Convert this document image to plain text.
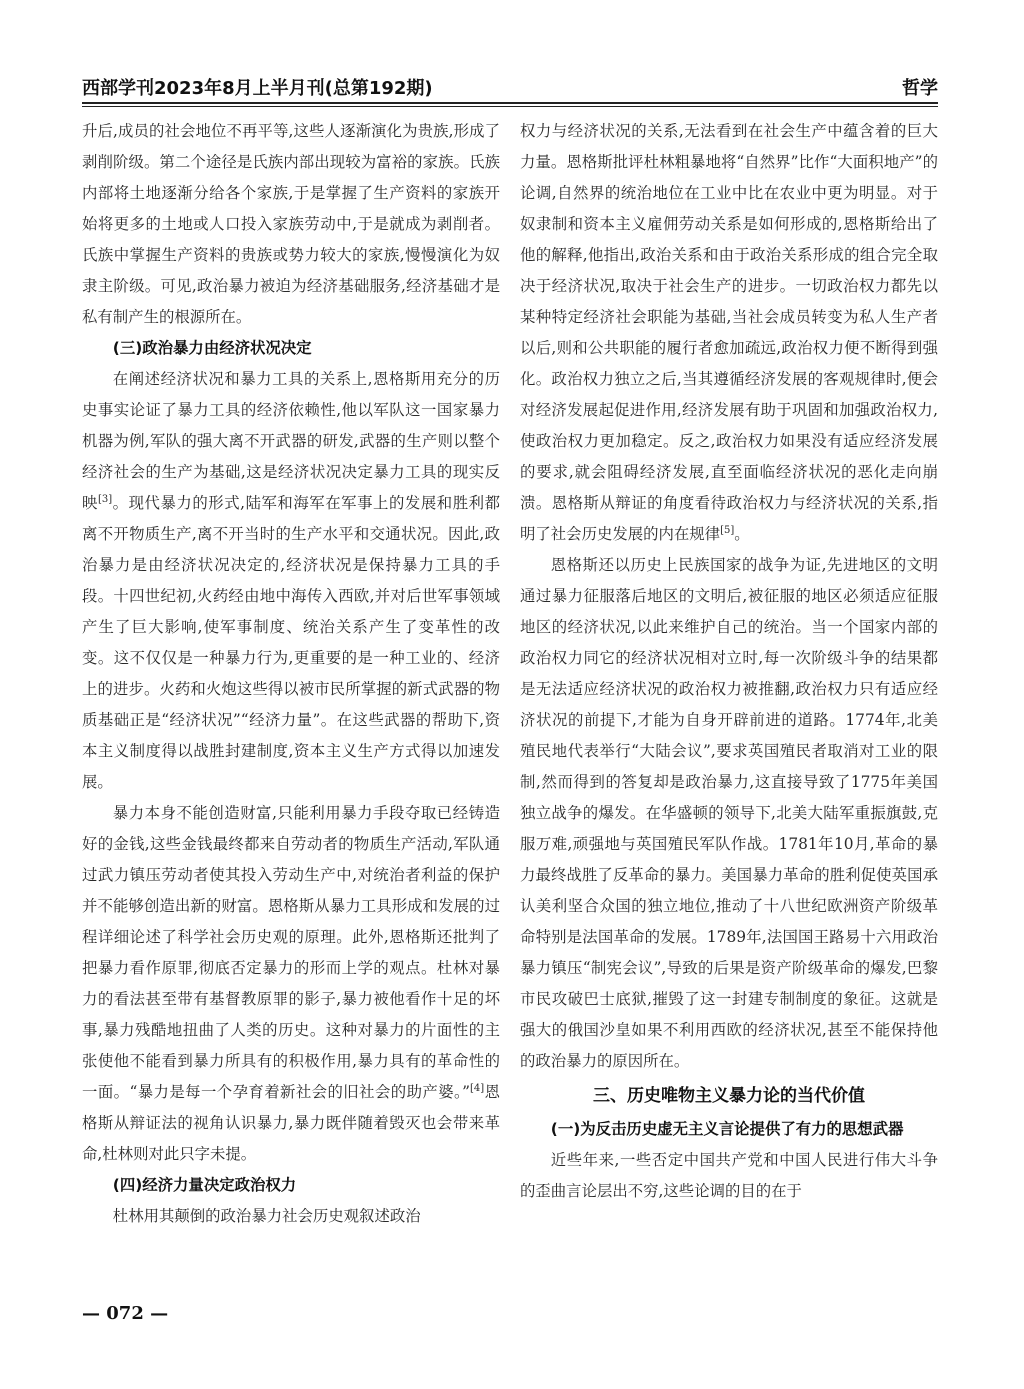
西部学刊2023年8月上半月刊(总第192期)	哲学

升后,成员的社会地位不再平等,这些人逐渐演化为贵族,形成了剥削阶级。第二个途径是氏族内部出现较为富裕的家族。氏族内部将土地逐渐分给各个家族,于是掌握了生产资料的家族开始将更多的土地或人口投入家族劳动中,于是就成为剥削者。氏族中掌握生产资料的贵族或势力较大的家族,慢慢演化为奴隶主阶级。可见,政治暴力被迫为经济基础服务,经济基础才是私有制产生的根源所在。

(三)政治暴力由经济状况决定

在阐述经济状况和暴力工具的关系上,恩格斯用充分的历史事实论证了暴力工具的经济依赖性,他以军队这一国家暴力机器为例,军队的强大离不开武器的研发,武器的生产则以整个经济社会的生产为基础,这是经济状况决定暴力工具的现实反映[3]。现代暴力的形式,陆军和海军在军事上的发展和胜利都离不开物质生产,离不开当时的生产水平和交通状况。因此,政治暴力是由经济状况决定的,经济状况是保持暴力工具的手段。十四世纪初,火药经由地中海传入西欧,并对后世军事领域产生了巨大影响,使军事制度、统治关系产生了变革性的改变。这不仅仅是一种暴力行为,更重要的是一种工业的、经济上的进步。火药和火炮这些得以被市民所掌握的新式武器的物质基础正是“经济状况”“经济力量”。在这些武器的帮助下,资本主义制度得以战胜封建制度,资本主义生产方式得以加速发展。

暴力本身不能创造财富,只能利用暴力手段夺取已经铸造好的金钱,这些金钱最终都来自劳动者的物质生产活动,军队通过武力镇压劳动者使其投入劳动生产中,对统治者利益的保护并不能够创造出新的财富。恩格斯从暴力工具形成和发展的过程详细论述了科学社会历史观的原理。此外,恩格斯还批判了把暴力看作原罪,彻底否定暴力的形而上学的观点。杜林对暴力的看法甚至带有基督教原罪的影子,暴力被他看作十足的坏事,暴力残酷地扭曲了人类的历史。这种对暴力的片面性的主张使他不能看到暴力所具有的积极作用,暴力具有的革命性的一面。“暴力是每一个孕育着新社会的旧社会的助产婆。”[4]恩格斯从辩证法的视角认识暴力,暴力既伴随着毁灭也会带来革命,杜林则对此只字未提。

(四)经济力量决定政治权力

杜林用其颠倒的政治暴力社会历史观叙述政治

权力与经济状况的关系,无法看到在社会生产中蕴含着的巨大力量。恩格斯批评杜林粗暴地将“自然界”比作“大面积地产”的论调,自然界的统治地位在工业中比在农业中更为明显。对于奴隶制和资本主义雇佣劳动关系是如何形成的,恩格斯给出了他的解释,他指出,政治关系和由于政治关系形成的组合完全取决于经济状况,取决于社会生产的进步。一切政治权力都先以某种特定经济社会职能为基础,当社会成员转变为私人生产者以后,则和公共职能的履行者愈加疏远,政治权力便不断得到强化。政治权力独立之后,当其遵循经济发展的客观规律时,便会对经济发展起促进作用,经济发展有助于巩固和加强政治权力,使政治权力更加稳定。反之,政治权力如果没有适应经济发展的要求,就会阻碍经济发展,直至面临经济状况的恶化走向崩溃。恩格斯从辩证的角度看待政治权力与经济状况的关系,指明了社会历史发展的内在规律[5]。

恩格斯还以历史上民族国家的战争为证,先进地区的文明通过暴力征服落后地区的文明后,被征服的地区必须适应征服地区的经济状况,以此来维护自己的统治。当一个国家内部的政治权力同它的经济状况相对立时,每一次阶级斗争的结果都是无法适应经济状况的政治权力被推翻,政治权力只有适应经济状况的前提下,才能为自身开辟前进的道路。1774年,北美殖民地代表举行“大陆会议”,要求英国殖民者取消对工业的限制,然而得到的答复却是政治暴力,这直接导致了1775年美国独立战争的爆发。在华盛顿的领导下,北美大陆军重振旗鼓,克服万难,顽强地与英国殖民军队作战。1781年10月,革命的暴力最终战胜了反革命的暴力。美国暴力革命的胜利促使英国承认美利坚合众国的独立地位,推动了十八世纪欧洲资产阶级革命特别是法国革命的发展。1789年,法国国王路易十六用政治暴力镇压“制宪会议”,导致的后果是资产阶级革命的爆发,巴黎市民攻破巴士底狱,摧毁了这一封建专制制度的象征。这就是强大的俄国沙皇如果不利用西欧的经济状况,甚至不能保持他的政治暴力的原因所在。

三、历史唯物主义暴力论的当代价值
(一)为反击历史虚无主义言论提供了有力的思想武器

近些年来,一些否定中国共产党和中国人民进行伟大斗争的歪曲言论层出不穷,这些论调的目的在于

— 072 —
